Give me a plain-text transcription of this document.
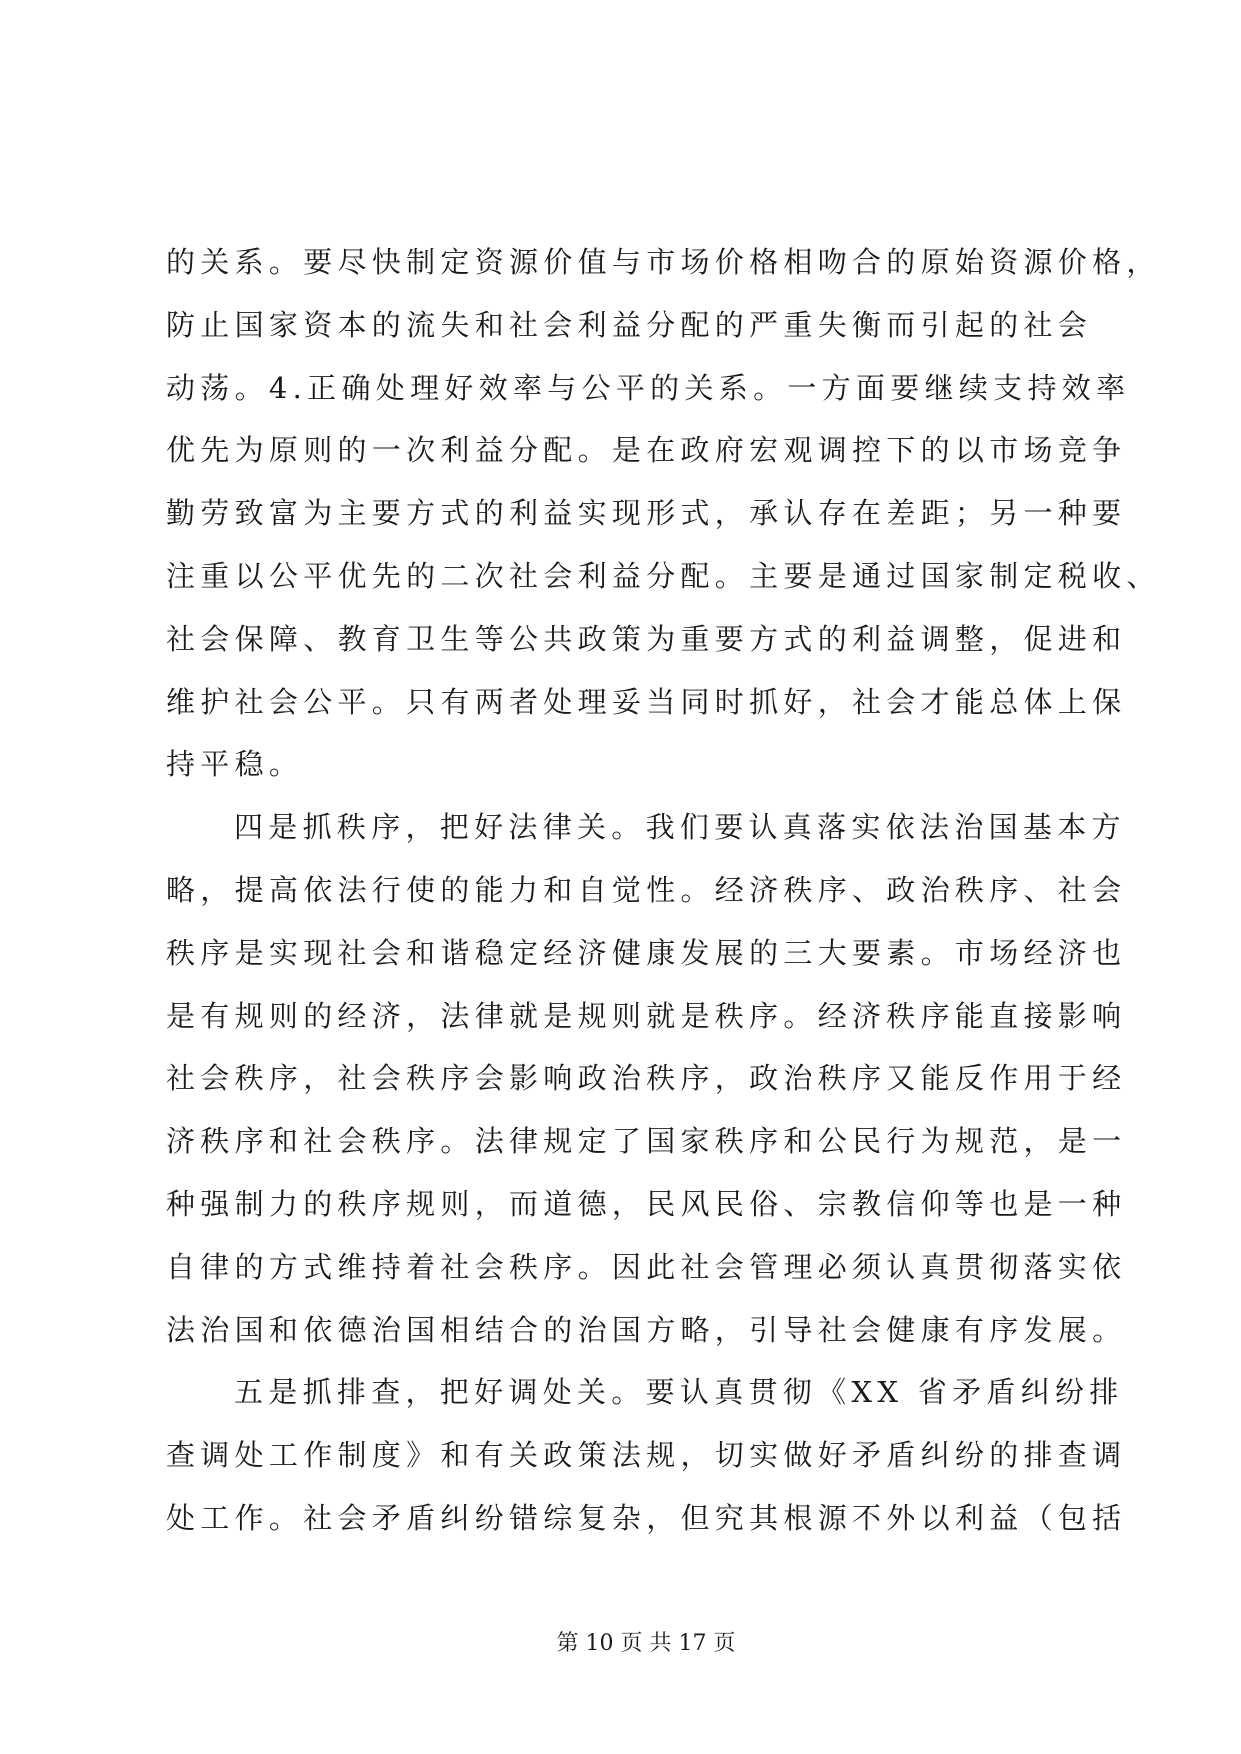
的关系。要尽快制定资源价值与市场价格相吻合的原始资源价格，
防止国家资本的流失和社会利益分配的严重失衡而引起的社会
动荡。4.正确处理好效率与公平的关系。一方面要继续支持效率
优先为原则的一次利益分配。是在政府宏观调控下的以市场竞争
勤劳致富为主要方式的利益实现形式，承认存在差距；另一种要
注重以公平优先的二次社会利益分配。主要是通过国家制定税收、
社会保障、教育卫生等公共政策为重要方式的利益调整，促进和
维护社会公平。只有两者处理妥当同时抓好，社会才能总体上保
持平稳。
四是抓秩序，把好法律关。我们要认真落实依法治国基本方
略，提高依法行使的能力和自觉性。经济秩序、政治秩序、社会
秩序是实现社会和谐稳定经济健康发展的三大要素。市场经济也
是有规则的经济，法律就是规则就是秩序。经济秩序能直接影响
社会秩序，社会秩序会影响政治秩序，政治秩序又能反作用于经
济秩序和社会秩序。法律规定了国家秩序和公民行为规范，是一
种强制力的秩序规则，而道德，民风民俗、宗教信仰等也是一种
自律的方式维持着社会秩序。因此社会管理必须认真贯彻落实依
法治国和依德治国相结合的治国方略，引导社会健康有序发展。
五是抓排查，把好调处关。要认真贯彻《XX 省矛盾纠纷排
查调处工作制度》和有关政策法规，切实做好矛盾纠纷的排查调
处工作。社会矛盾纠纷错综复杂，但究其根源不外以利益（包括
第 10 页 共 17 页
